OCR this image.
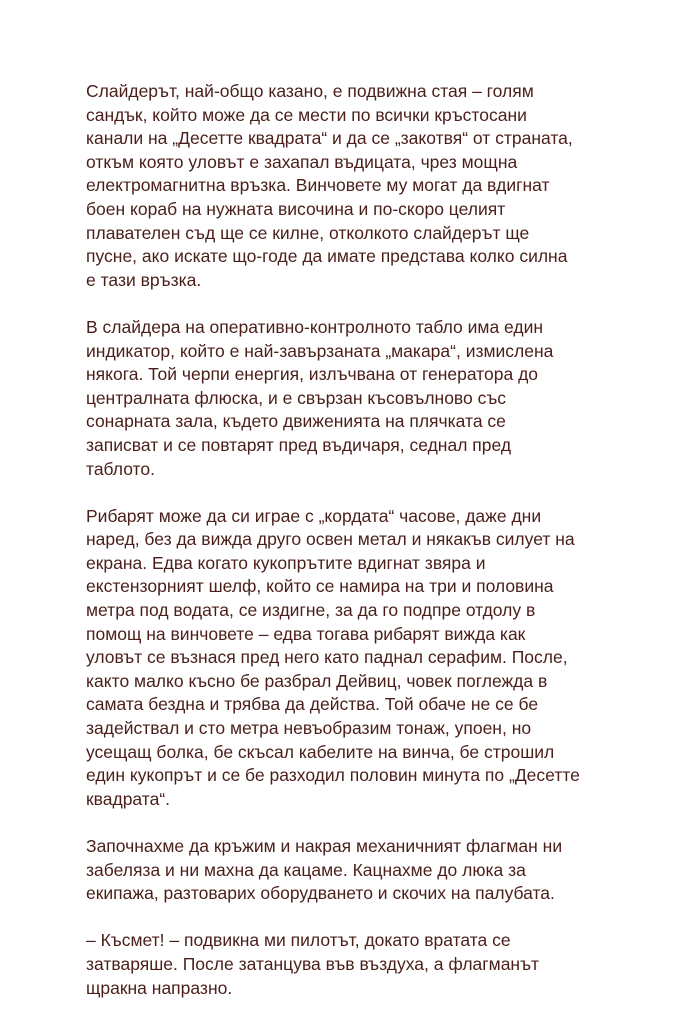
Слайдерът, най-общо казано, е подвижна стая – голям
сандък, който може да се мести по всички кръстосани
канали на „Десетте квадрата“ и да се „закотвя“ от страната,
откъм която уловът е захапал въдицата, чрез мощна
електромагнитна връзка. Винчовете му могат да вдигнат
боен кораб на нужната височина и по-скоро целият
плавателен съд ще се килне, отколкото слайдерът ще
пусне, ако искате що-годе да имате представа колко силна
е тази връзка.

В слайдера на оперативно-контролното табло има един
индикатор, който е най-завързаната „макара“, измислена
някога. Той черпи енергия, излъчвана от генератора до
централната флюска, и е свързан късовълново със
сонарната зала, където движенията на плячката се
записват и се повтарят пред въдичаря, седнал пред
таблото.

Рибарят може да си играе с „кордата“ часове, даже дни
наред, без да вижда друго освен метал и някакъв силует на
екрана. Едва когато кукопрътите вдигнат звяра и
екстензорният шелф, който се намира на три и половина
метра под водата, се издигне, за да го подпре отдолу в
помощ на винчовете – едва тогава рибарят вижда как
уловът се възнася пред него като паднал серафим. После,
както малко късно бе разбрал Дейвиц, човек поглежда в
самата бездна и трябва да действа. Той обаче не се бе
задействал и сто метра невъобразим тонаж, упоен, но
усещащ болка, бе скъсал кабелите на винча, бе строшил
един кукопрът и се бе разходил половин минута по „Десетте
квадрата“.

Започнахме да кръжим и накрая механичният флагман ни
забеляза и ни махна да кацаме. Кацнахме до люка за
екипажа, разтоварих оборудването и скочих на палубата.

– Късмет! – подвикна ми пилотът, докато вратата се
затваряше. После затанцува във въздуха, а флагманът
щракна напразно.
